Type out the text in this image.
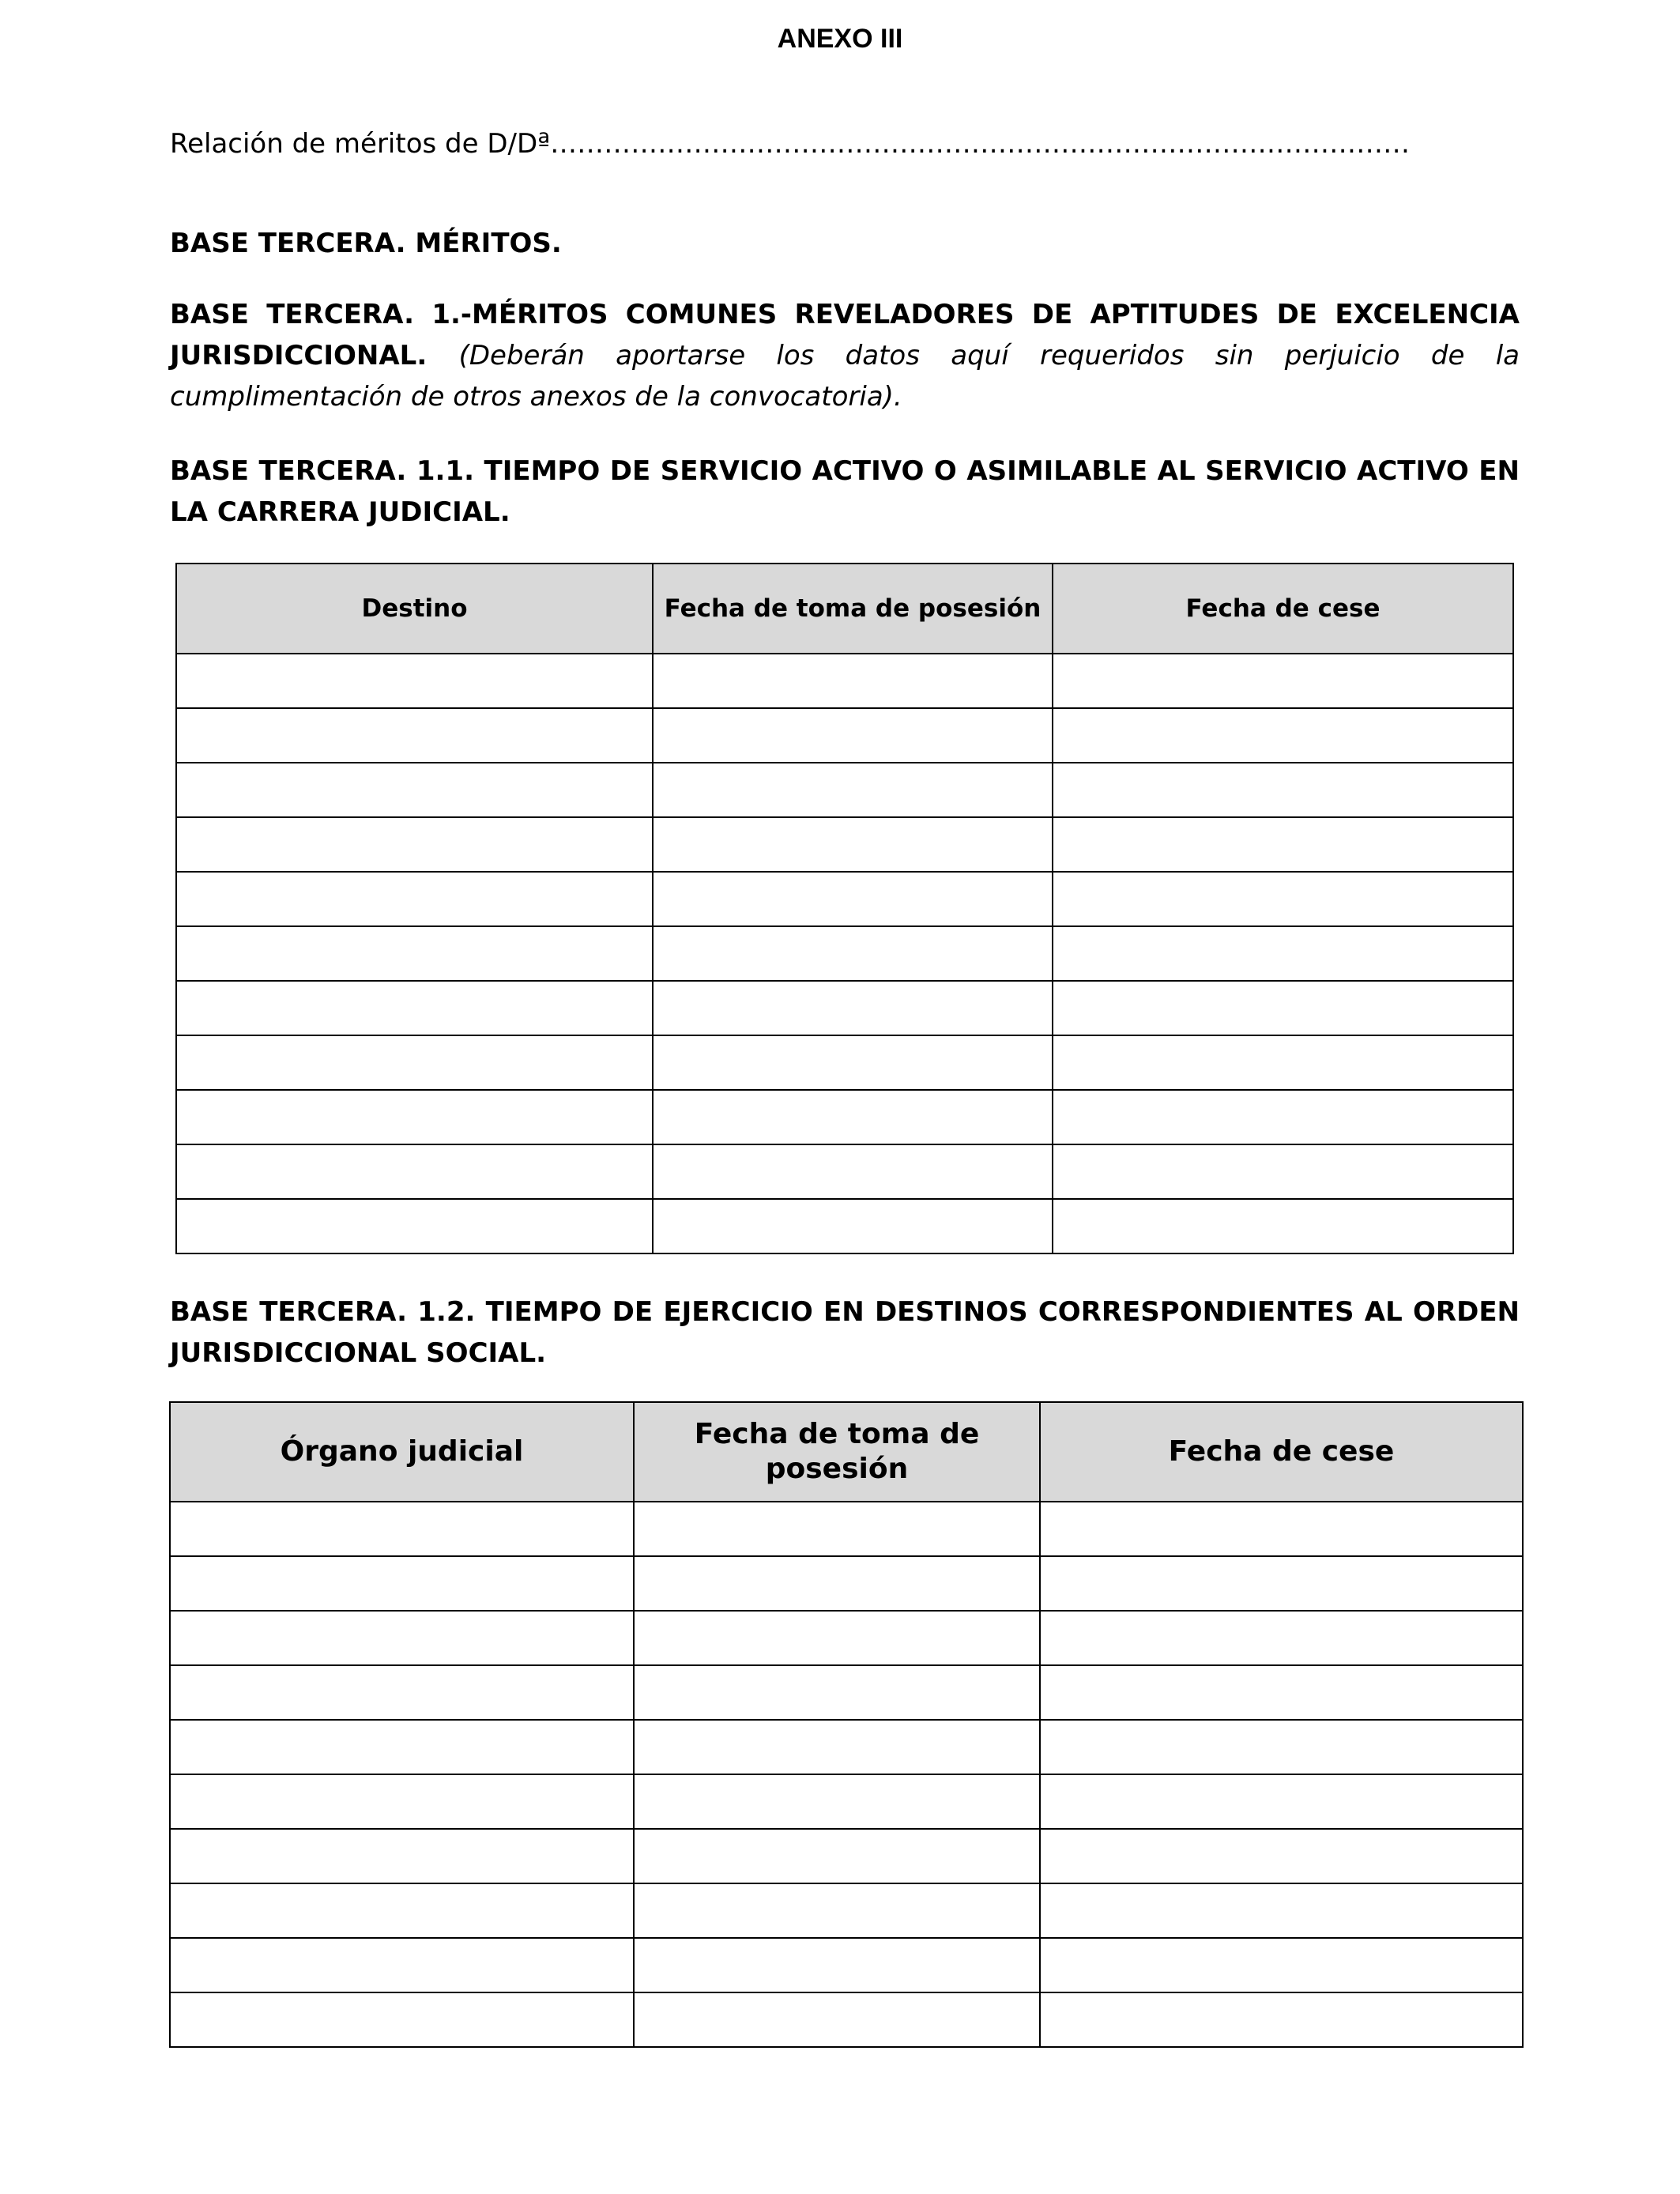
ANEXO III
Relación de méritos de D/Dª……………………………………………………………………………………
BASE TERCERA. MÉRITOS.
BASE TERCERA. 1.-MÉRITOS COMUNES REVELADORES DE APTITUDES DE EXCELENCIA JURISDICCIONAL. (Deberán aportarse los datos aquí requeridos sin perjuicio de la cumplimentación de otros anexos de la convocatoria).
BASE TERCERA. 1.1. TIEMPO DE SERVICIO ACTIVO O ASIMILABLE AL SERVICIO ACTIVO EN LA CARRERA JUDICIAL.
Destino	Fecha de toma de posesión	Fecha de cese

BASE TERCERA. 1.2. TIEMPO DE EJERCICIO EN DESTINOS CORRESPONDIENTES AL ORDEN JURISDICCIONAL SOCIAL.
Órgano judicial	Fecha de toma de posesión	Fecha de cese
